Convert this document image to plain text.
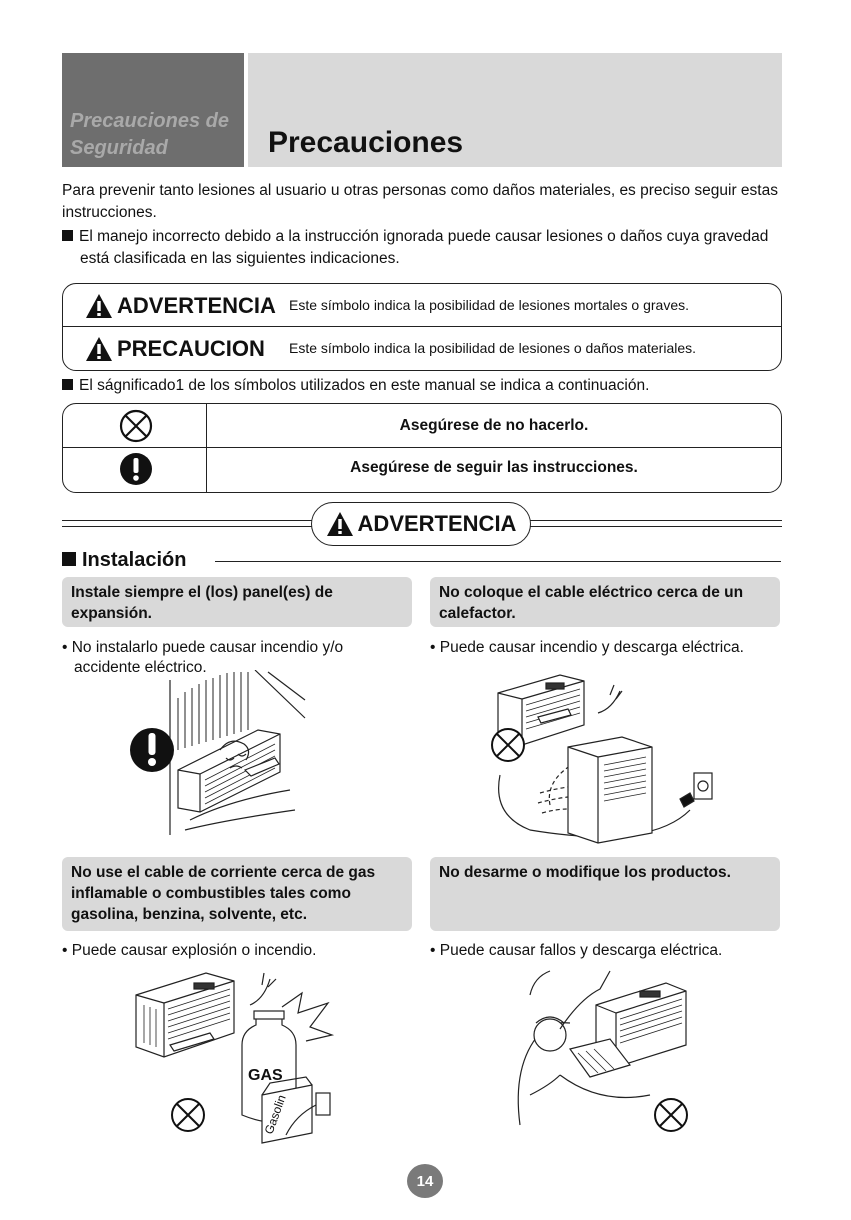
Precauciones de Seguridad	Precauciones
Para prevenir tanto lesiones al usuario u otras personas como daños materiales, es preciso seguir estas instrucciones.
El manejo incorrecto debido a la instrucción ignorada puede causar lesiones o daños cuya gravedad está clasificada en las siguientes indicaciones.
ADVERTENCIA Este símbolo indica la posibilidad de lesiones mortales o graves.
PRECAUCION Este símbolo indica la posibilidad de lesiones o daños materiales.
El ságnificado1 de los símbolos utilizados en este manual se indica a continuación.
Asegúrese de no hacerlo.
Asegúrese de seguir las instrucciones.
ADVERTENCIA
Instalación
Instale siempre el (los) panel(es) de expansión.
No coloque el cable eléctrico cerca de un calefactor.
• No instalarlo puede causar incendio y/o accidente eléctrico.
• Puede causar incendio y descarga eléctrica.
No use el cable de corriente cerca de gas inflamable o combustibles tales como gasolina, benzina, solvente, etc.
No desarme o modifique los productos.
• Puede causar explosión o incendio.	• Puede causar fallos y descarga eléctrica.
GAS
Gasolin
14
